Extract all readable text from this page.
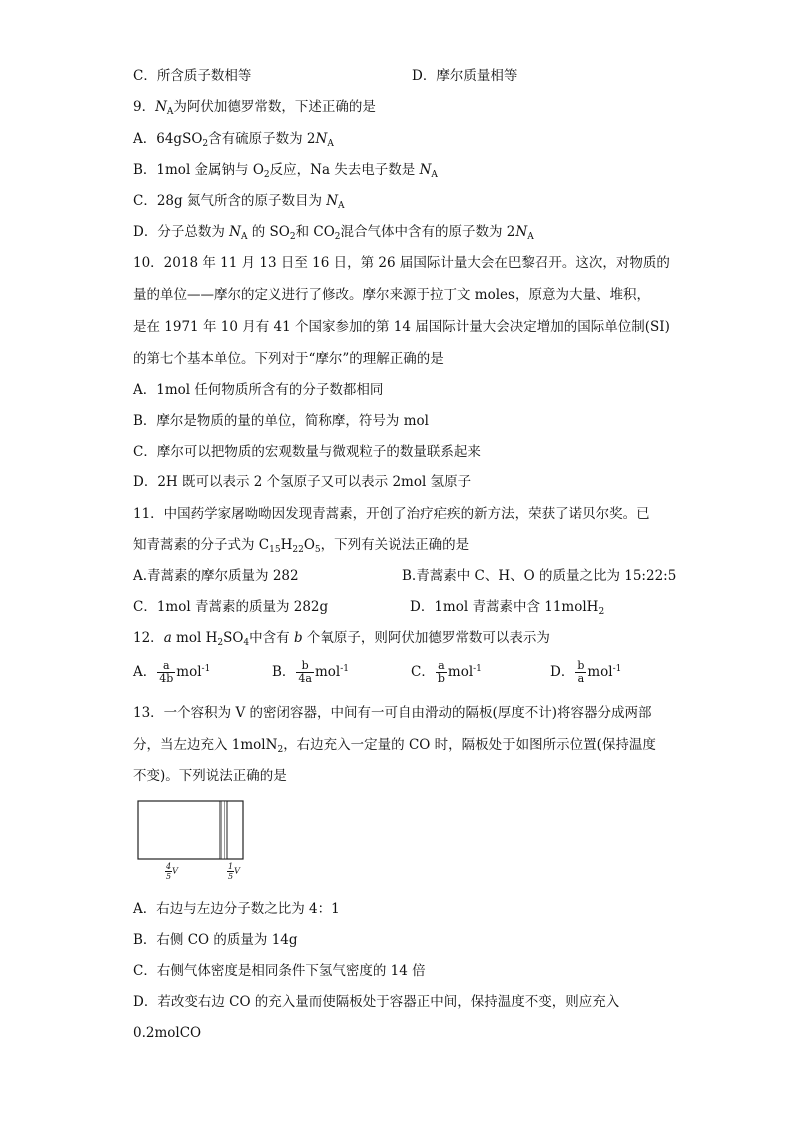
C．所含质子数相等	D．摩尔质量相等
9．$N_A$为阿伏加德罗常数，下述正确的是
A．64gSO$_2$含有硫原子数为 $2N_A$
B．1mol 金属钠与 $O_2$反应，Na 失去电子数是 $N_A$
C．28g 氮气所含的原子数目为 $N_A$
D．分子总数为 $N_A$ 的 $SO_2$和 $CO_2$混合气体中含有的原子数为 $2N_A$
10．2018 年 11 月 13 日至 16 日，第 26 届国际计量大会在巴黎召开。这次，对物质的
量的单位——摩尔的定义进行了修改。摩尔来源于拉丁文 moles，原意为大量、堆积，
是在 1971 年 10 月有 41 个国家参加的第 14 届国际计量大会决定增加的国际单位制(SI)
的第七个基本单位。下列对于“摩尔”的理解正确的是
A．1mol 任何物质所含有的分子数都相同
B．摩尔是物质的量的单位，简称摩，符号为 mol
C．摩尔可以把物质的宏观数量与微观粒子的数量联系起来
D．2H 既可以表示 2 个氢原子又可以表示 2mol 氢原子
11．中国药学家屠呦呦因发现青蒿素，开创了治疗疟疾的新方法，荣获了诺贝尔奖。已
知青蒿素的分子式为 $C_{15}H_{22}O_5$，下列有关说法正确的是
A.青蒿素的摩尔质量为 282	B.青蒿素中 C、H、O 的质量之比为 15:22:5
C．1mol 青蒿素的质量为 282g	D．1mol 青蒿素中含 11molH$_2$
12．a mol $H_2SO_4$中含有 b 个氧原子，则阿伏加德罗常数可以表示为
A． $\frac{a}{4b} mol^{-1}$	B． $\frac{b}{4a} mol^{-1}$	C． $\frac{a}{b} mol^{-1}$	D． $\frac{b}{a} mol^{-1}$
13．一个容积为 V 的密闭容器，中间有一可自由滑动的隔板(厚度不计)将容器分成两部
分，当左边充入 1molN$_2$，右边充入一定量的 CO 时，隔板处于如图所示位置(保持温度
不变)。下列说法正确的是
$\frac{4}{5}$ V	$\frac{1}{5}$ V
A．右边与左边分子数之比为 4：1
B．右侧 CO 的质量为 14g
C．右侧气体密度是相同条件下氢气密度的 14 倍
D．若改变右边 CO 的充入量而使隔板处于容器正中间，保持温度不变，则应充入
0.2molCO
